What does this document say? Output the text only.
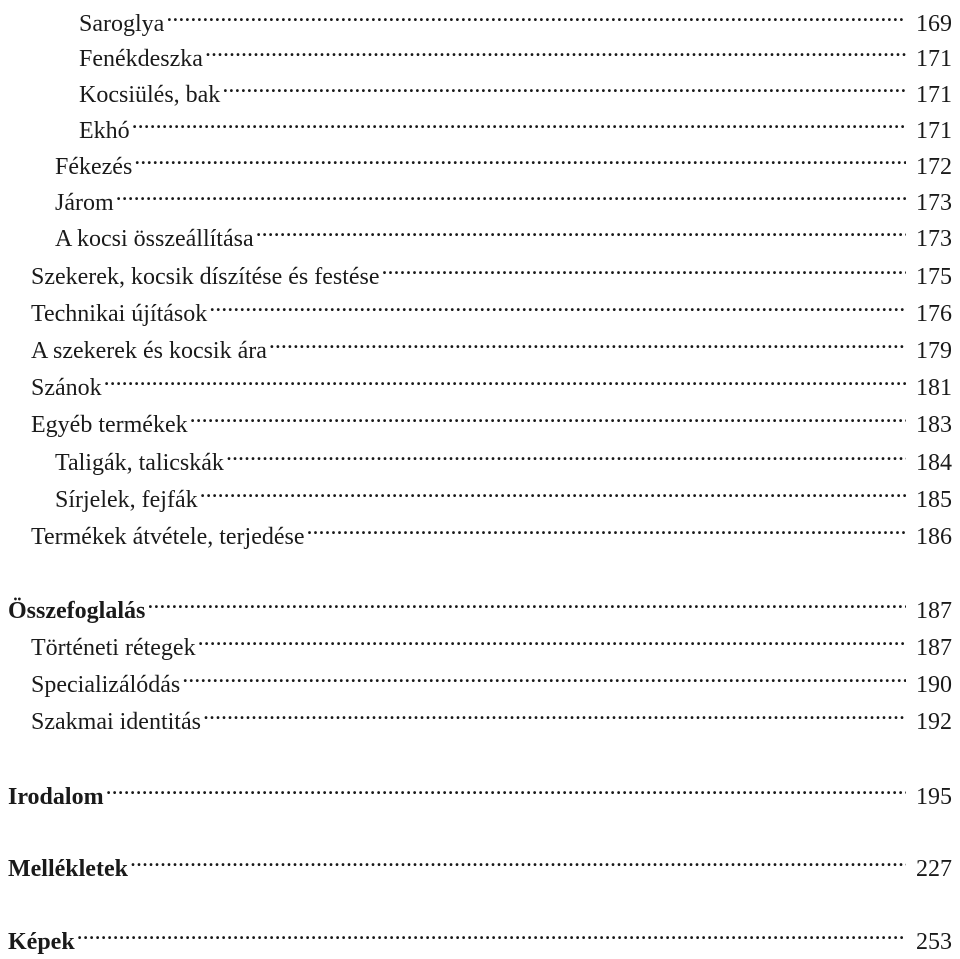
Saroglya .....	169
Fenékdeszka .....	171
Kocsiülés, bak .....	171
Ekhó .....	171
Fékezés .....	172
Járom .....	173
A kocsi összeállítása .....	173
Szekerek, kocsik díszítése és festése .....	175
Technikai újítások .....	176
A szekerek és kocsik ára .....	179
Szánok .....	181
Egyéb termékek .....	183
Taligák, talicskák .....	184
Sírjelek, fejfák .....	185
Termékek átvétele, terjedése .....	186
Összefoglalás .....	187
Történeti rétegek .....	187
Specializálódás .....	190
Szakmai identitás .....	192
Irodalom .....	195
Mellékletek .....	227
Képek .....	253
